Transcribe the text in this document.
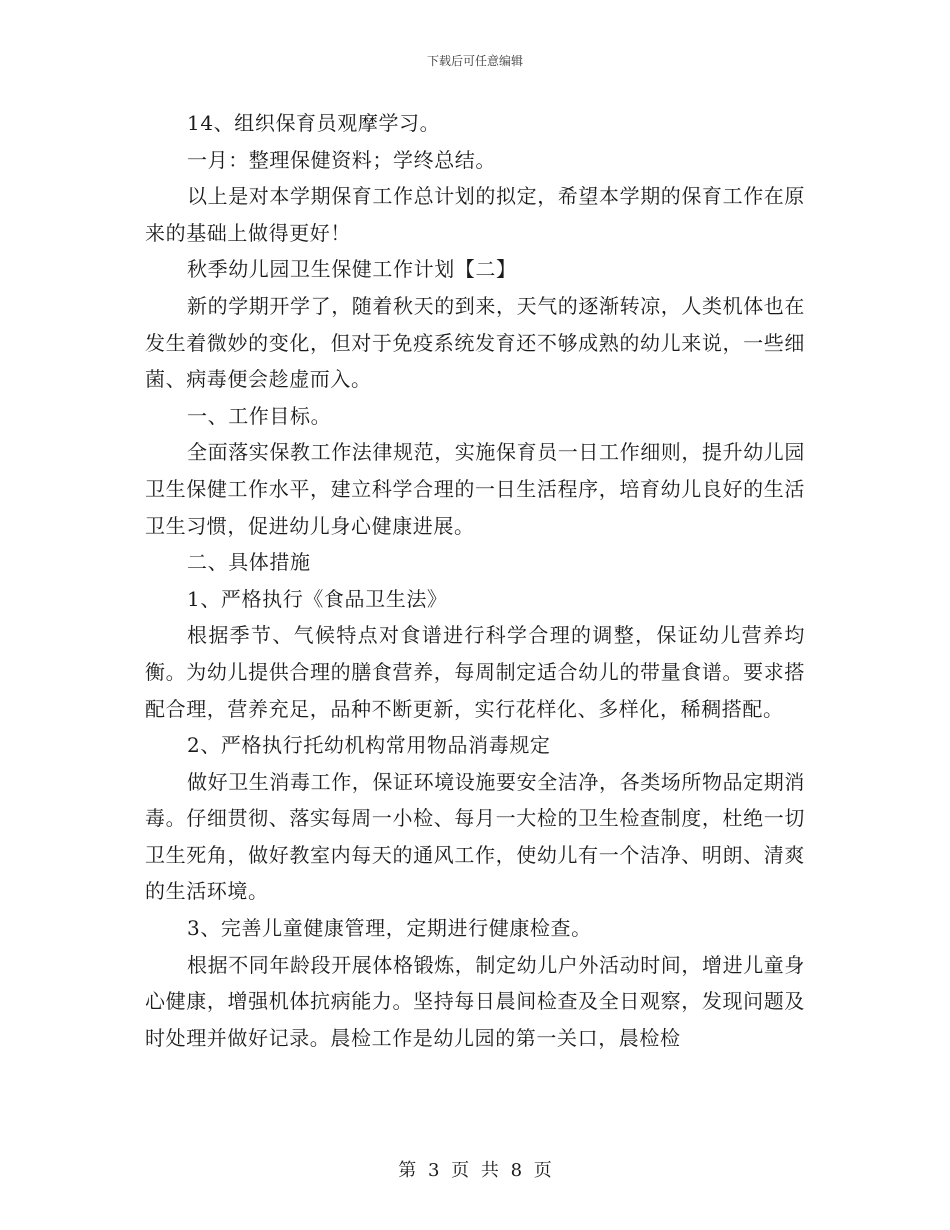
下载后可任意编辑

14、组织保育员观摩学习。

一月：整理保健资料；学终总结。

以上是对本学期保育工作总计划的拟定，希望本学期的保育工作在原来的基础上做得更好！

秋季幼儿园卫生保健工作计划【二】

新的学期开学了，随着秋天的到来，天气的逐渐转凉，人类机体也在发生着微妙的变化，但对于免疫系统发育还不够成熟的幼儿来说，一些细菌、病毒便会趁虚而入。

一、工作目标。

全面落实保教工作法律规范，实施保育员一日工作细则，提升幼儿园卫生保健工作水平，建立科学合理的一日生活程序，培育幼儿良好的生活卫生习惯，促进幼儿身心健康进展。

二、具体措施

1、严格执行《食品卫生法》

根据季节、气候特点对食谱进行科学合理的调整，保证幼儿营养均衡。为幼儿提供合理的膳食营养，每周制定适合幼儿的带量食谱。要求搭配合理，营养充足，品种不断更新，实行花样化、多样化，稀稠搭配。

2、严格执行托幼机构常用物品消毒规定

做好卫生消毒工作，保证环境设施要安全洁净，各类场所物品定期消毒。仔细贯彻、落实每周一小检、每月一大检的卫生检查制度，杜绝一切卫生死角，做好教室内每天的通风工作，使幼儿有一个洁净、明朗、清爽的生活环境。

3、完善儿童健康管理，定期进行健康检查。

根据不同年龄段开展体格锻炼，制定幼儿户外活动时间，增进儿童身心健康，增强机体抗病能力。坚持每日晨间检查及全日观察，发现问题及时处理并做好记录。晨检工作是幼儿园的第一关口，晨检检

第 3 页 共 8 页
